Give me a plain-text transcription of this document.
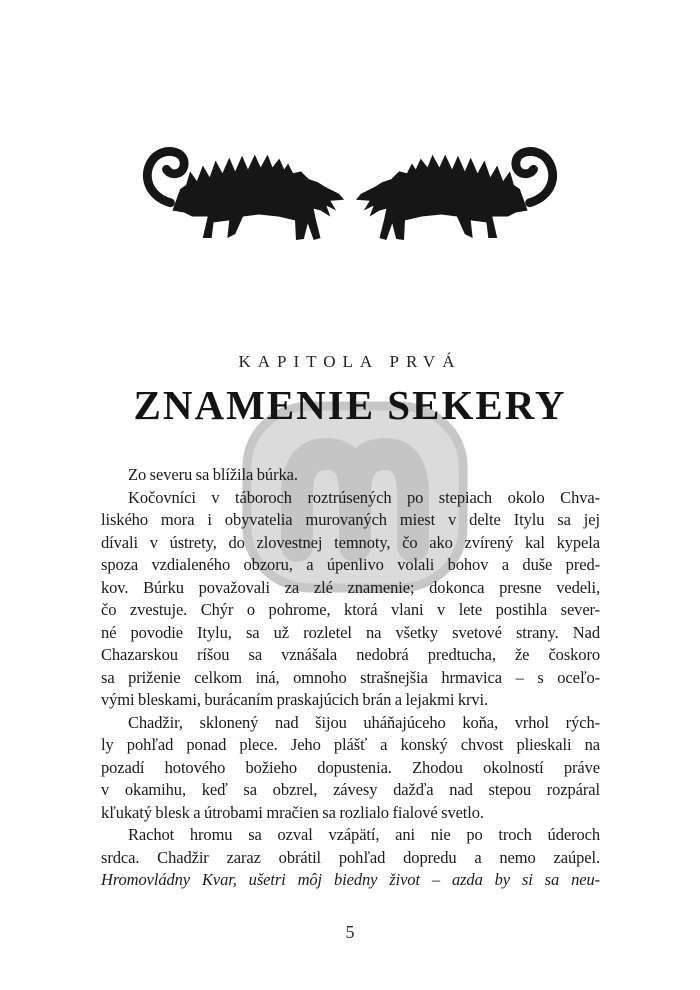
KAPITOLA PRVÁ
ZNAMENIE SEKERY
Zo severu sa blížila búrka.
Kočovníci v táboroch roztrúsených po stepiach okolo Chva-
liského mora i obyvatelia murovaných miest v delte Itylu sa jej
dívali v ústrety, do zlovestnej temnoty, čo ako zvírený kal kypela
spoza vzdialeného obzoru, a úpenlivo volali bohov a duše pred-
kov. Búrku považovali za zlé znamenie; dokonca presne vedeli,
čo zvestuje. Chýr o pohrome, ktorá vlani v lete postihla sever-
né povodie Itylu, sa už rozletel na všetky svetové strany. Nad
Chazarskou ríšou sa vznášala nedobrá predtucha, že čoskoro
sa priženie celkom iná, omnoho strašnejšia hrmavica – s oceľo-
vými bleskami, burácaním praskajúcich brán a lejakmi krvi.
Chadžir, sklonený nad šijou uháňajúceho koňa, vrhol rých-
ly pohľad ponad plece. Jeho plášť a konský chvost plieskali na
pozadí hotového božieho dopustenia. Zhodou okolností práve
v okamihu, keď sa obzrel, závesy dažďa nad stepou rozpáral
kľukatý blesk a útrobami mračien sa rozlialo fialové svetlo.
Rachot hromu sa ozval vzápätí, ani nie po troch úderoch
srdca. Chadžir zaraz obrátil pohľad dopredu a nemo zaúpel.
Hromovládny Kvar, ušetri môj biedny život – azda by si sa neu-
5
